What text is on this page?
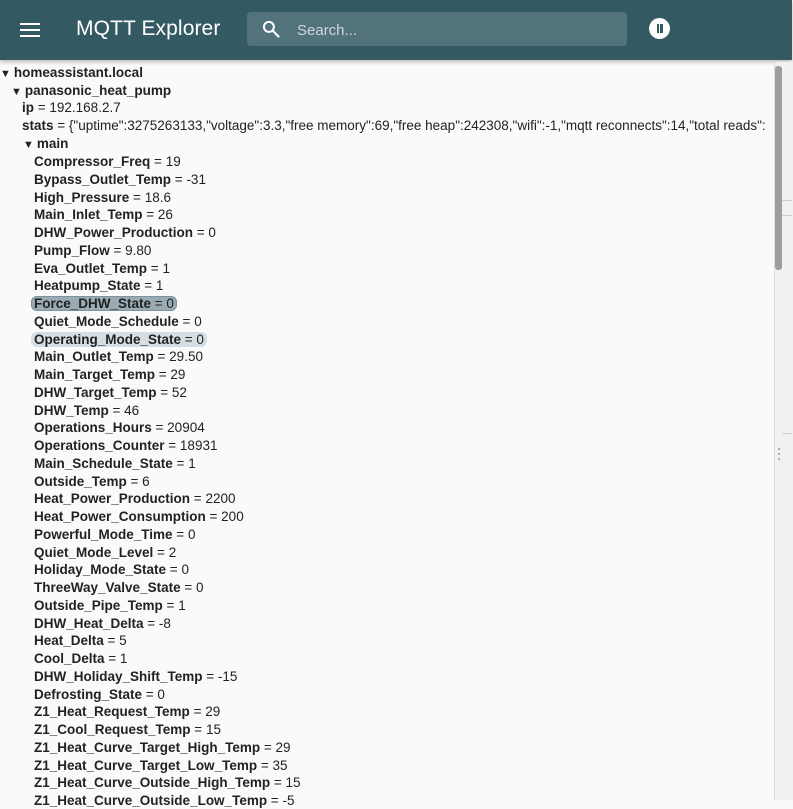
MQTT Explorer
Search...
▼ homeassistant.local
▼ panasonic_heat_pump
ip = 192.168.2.7
stats = {"uptime":3275263133,"voltage":3.3,"free memory":69,"free heap":242308,"wifi":-1,"mqtt reconnects":14,"total reads":
▼ main
Compressor_Freq = 19
Bypass_Outlet_Temp = -31
High_Pressure = 18.6
Main_Inlet_Temp = 26
DHW_Power_Production = 0
Pump_Flow = 9.80
Eva_Outlet_Temp = 1
Heatpump_State = 1
Force_DHW_State = 0
Quiet_Mode_Schedule = 0
Operating_Mode_State = 0
Main_Outlet_Temp = 29.50
Main_Target_Temp = 29
DHW_Target_Temp = 52
DHW_Temp = 46
Operations_Hours = 20904
Operations_Counter = 18931
Main_Schedule_State = 1
Outside_Temp = 6
Heat_Power_Production = 2200
Heat_Power_Consumption = 200
Powerful_Mode_Time = 0
Quiet_Mode_Level = 2
Holiday_Mode_State = 0
ThreeWay_Valve_State = 0
Outside_Pipe_Temp = 1
DHW_Heat_Delta = -8
Heat_Delta = 5
Cool_Delta = 1
DHW_Holiday_Shift_Temp = -15
Defrosting_State = 0
Z1_Heat_Request_Temp = 29
Z1_Cool_Request_Temp = 15
Z1_Heat_Curve_Target_High_Temp = 29
Z1_Heat_Curve_Target_Low_Temp = 35
Z1_Heat_Curve_Outside_High_Temp = 15
Z1_Heat_Curve_Outside_Low_Temp = -5
